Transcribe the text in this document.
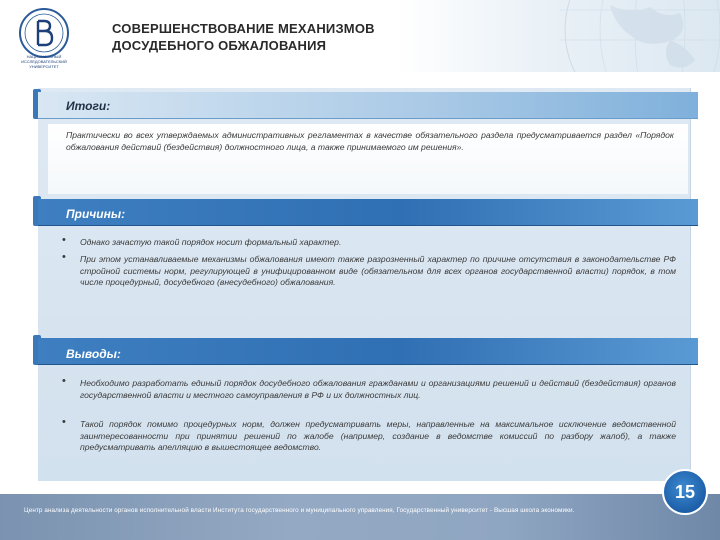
НАЦИОНАЛЬНЫЙ ИССЛЕДОВАТЕЛЬСКИЙ УНИВЕРСИТЕТ
СОВЕРШЕНСТВОВАНИЕ МЕХАНИЗМОВ
ДОСУДЕБНОГО ОБЖАЛОВАНИЯ
Итоги:
Практически во всех утверждаемых административных регламентах в качестве обязательного раздела предусматривается раздел «Порядок обжалования действий (бездействия) должностного лица, а также принимаемого им решения».
Причины:
• Однако зачастую такой порядок носит формальный характер.
• При этом устанавливаемые механизмы обжалования имеют также разрозненный характер по причине отсутствия в законодательстве РФ стройной системы норм, регулирующей в унифицированном виде (обязательном для всех органов государственной власти) порядок, в том числе процедурный, досудебного (внесудебного) обжалования.
Выводы:
• Необходимо разработать единый порядок досудебного обжалования гражданами и организациями решений и действий (бездействия) органов государственной власти и местного самоуправления в РФ и их должностных лиц.
• Такой порядок помимо процедурных норм, должен предусматривать меры, направленные на максимальное исключение ведомственной заинтересованности при принятии решений по жалобе (например, создание в ведомстве комиссий по разбору жалоб), а также предусматривать апелляцию в вышестоящее ведомство.
Центр анализа деятельности органов исполнительной власти Института государственного и муниципального управления, Государственный университет - Высшая школа экономики.
15
